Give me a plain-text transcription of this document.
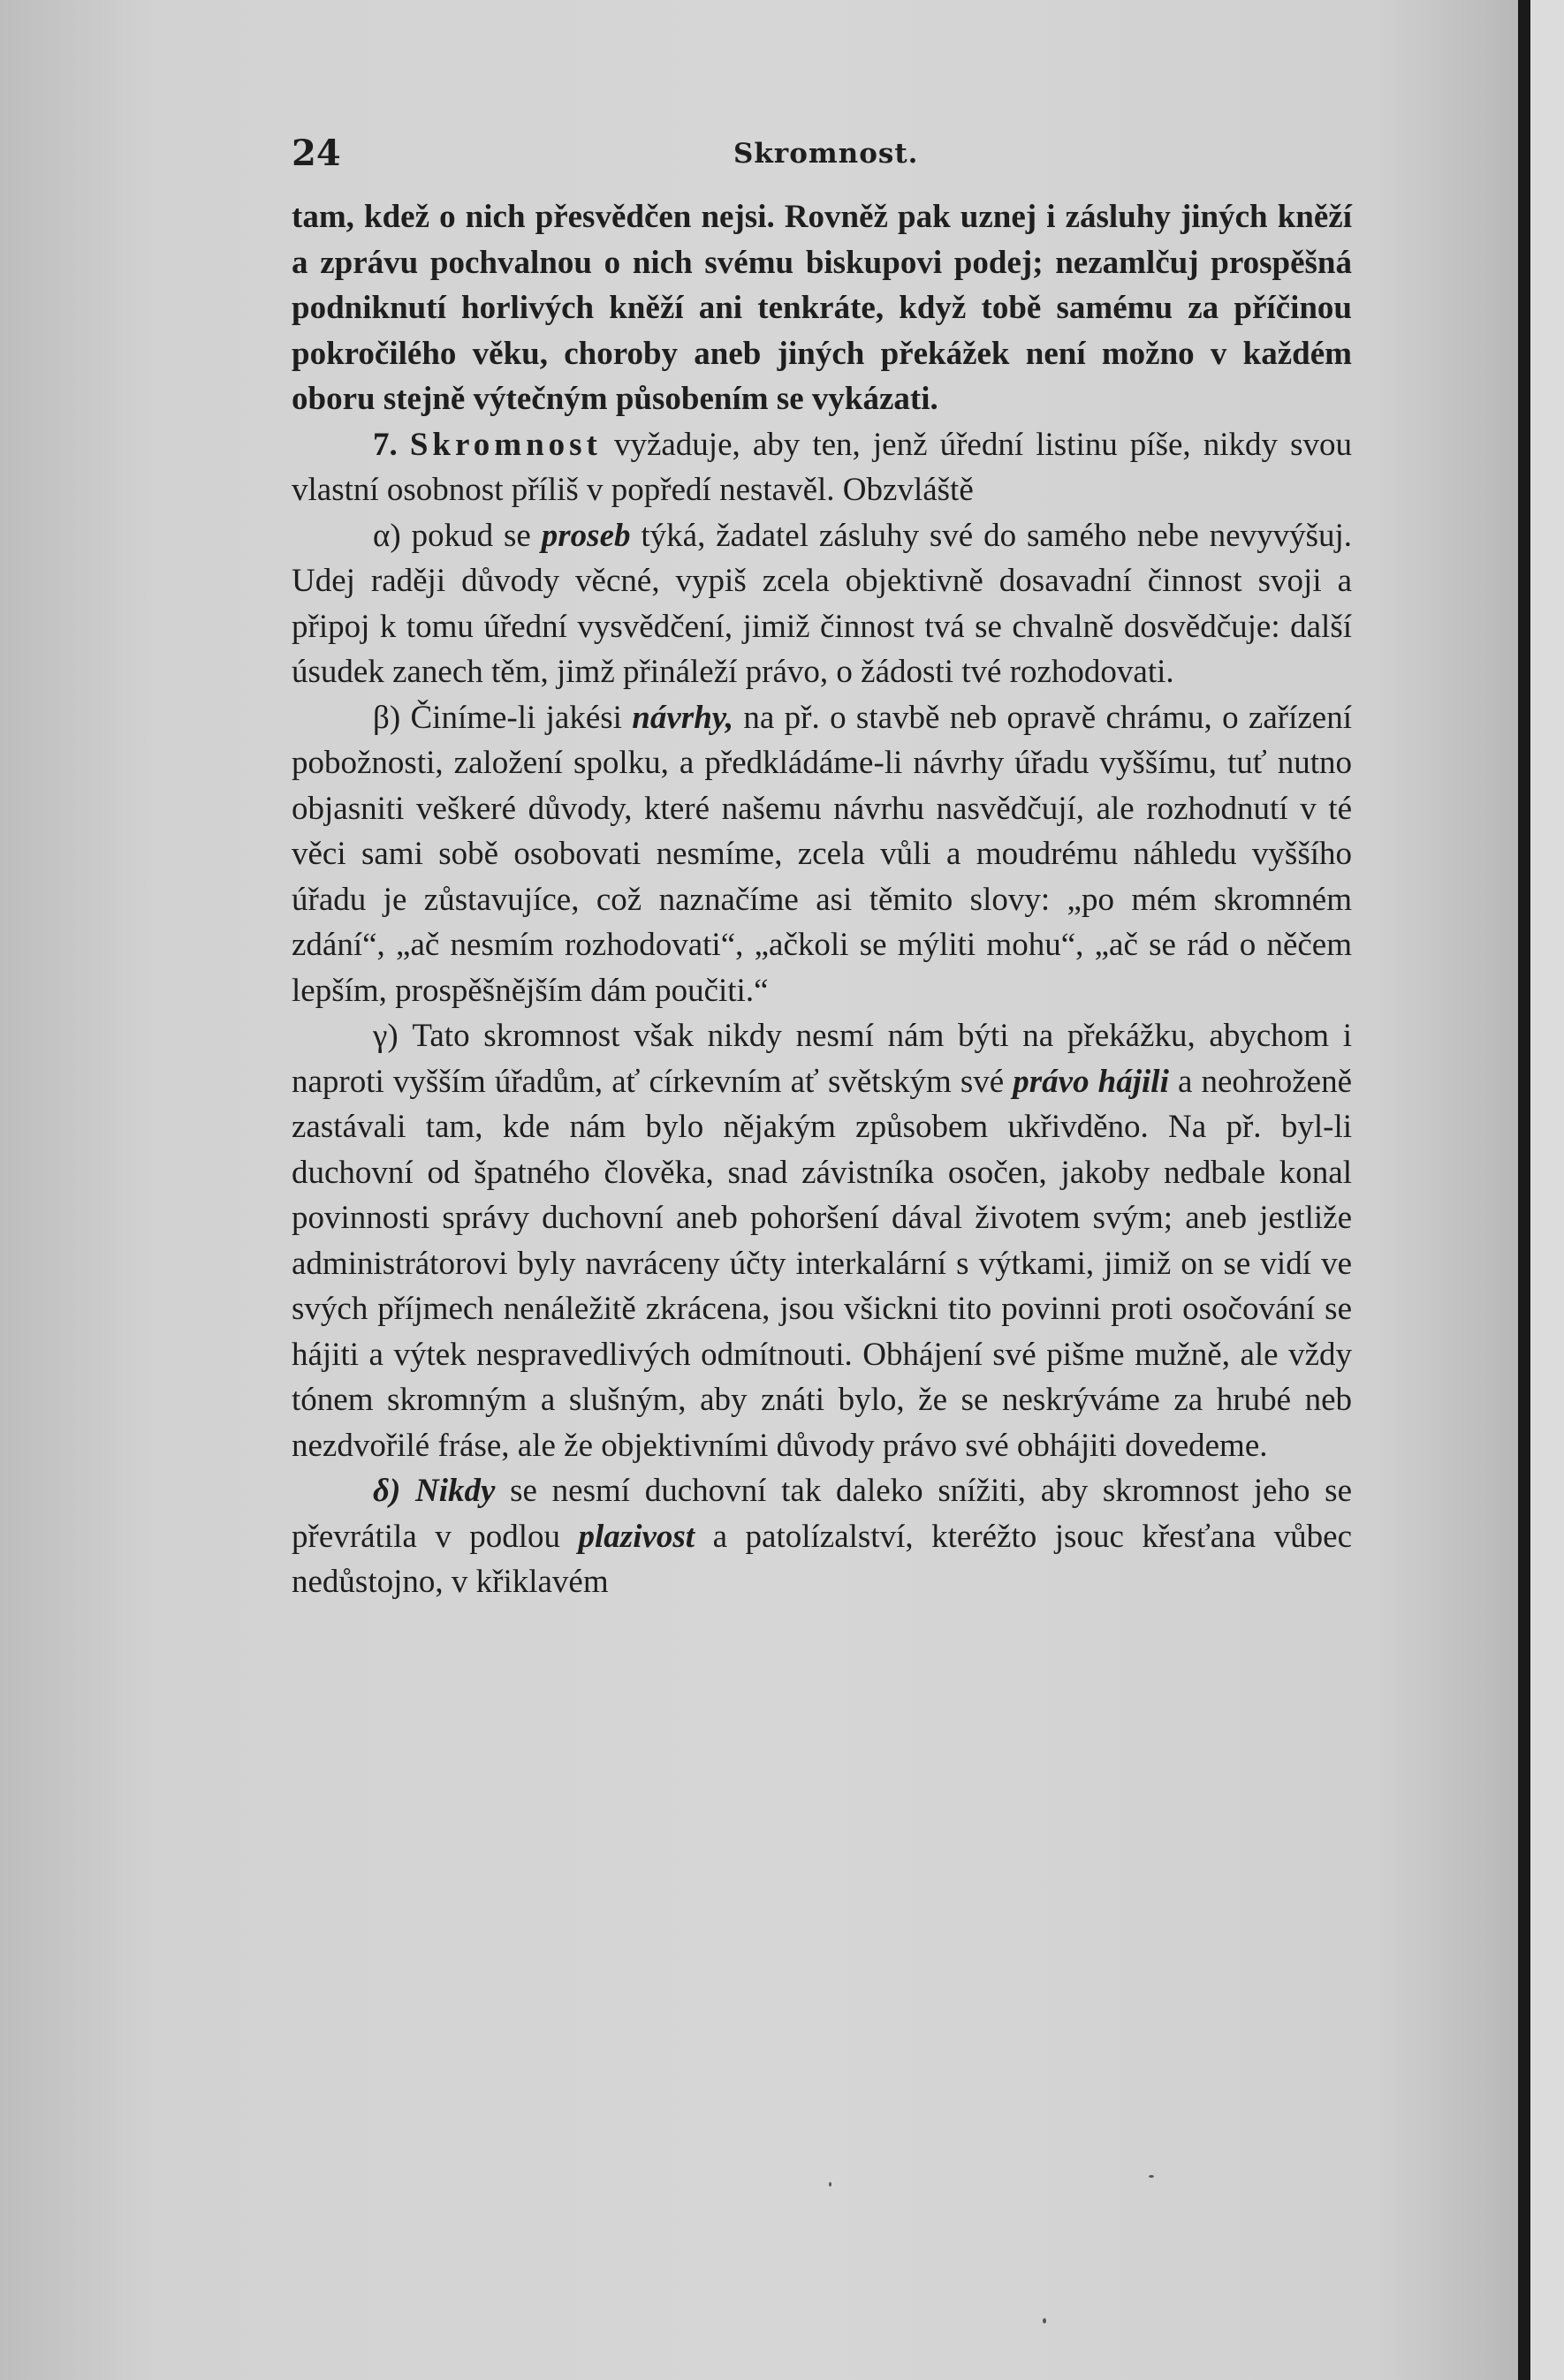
24	Skromnost.

tam, kdež o nich přesvědčen nejsi. Rovněž pak uznej i zásluhy jiných kněží a zprávu pochvalnou o nich svému biskupovi podej; nezamlčuj prospěšná podniknutí horlivých kněží ani tenkráte, když tobě samému za příčinou pokročilého věku, choroby aneb jiných překážek není možno v každém oboru stejně výtečným působením se vykázati.

7. Skromnost vyžaduje, aby ten, jenž úřední listinu píše, nikdy svou vlastní osobnost příliš v popředí nestavěl. Obzvláště

α) pokud se proseb týká, žadatel zásluhy své do samého nebe nevyvýšuj. Udej raději důvody věcné, vypiš zcela objektivně dosavadní činnost svoji a připoj k tomu úřední vysvědčení, jimiž činnost tvá se chvalně dosvědčuje: další úsudek zanech těm, jimž přináleží právo, o žádosti tvé rozhodovati.

β) Činíme-li jakési návrhy, na př. o stavbě neb opravě chrámu, o zařízení pobožnosti, založení spolku, a předkládáme-li návrhy úřadu vyššímu, tuť nutno objasniti veškeré důvody, které našemu návrhu nasvědčují, ale rozhodnutí v té věci sami sobě osobovati nesmíme, zcela vůli a moudrému náhledu vyššího úřadu je zůstavujíce, což naznačíme asi těmito slovy: „po mém skromném zdání“, „ač nesmím rozhodovati“, „ačkoli se mýliti mohu“, „ač se rád o něčem lepším, prospěšnějším dám poučiti.“

γ) Tato skromnost však nikdy nesmí nám býti na překážku, abychom i naproti vyšším úřadům, ať církevním ať světským své právo hájili a neohroženě zastávali tam, kde nám bylo nějakým způsobem ukřivděno. Na př. byl-li duchovní od špatného člověka, snad závistníka osočen, jakoby nedbale konal povinnosti správy duchovní aneb pohoršení dával životem svým; aneb jestliže administrátorovi byly navráceny účty interkalární s výtkami, jimiž on se vidí ve svých příjmech nenáležitě zkrácena, jsou všickni tito povinni proti osočování se hájiti a výtek nespravedlivých odmítnouti. Obhájení své pišme mužně, ale vždy tónem skromným a slušným, aby znáti bylo, že se neskrýváme za hrubé neb nezdvořilé fráse, ale že objektivními důvody právo své obhájiti dovedeme.

δ) Nikdy se nesmí duchovní tak daleko snížiti, aby skromnost jeho se převrátila v podlou plazivost a patolízalství, kteréžto jsouc křesťana vůbec nedůstojno, v křiklavém
